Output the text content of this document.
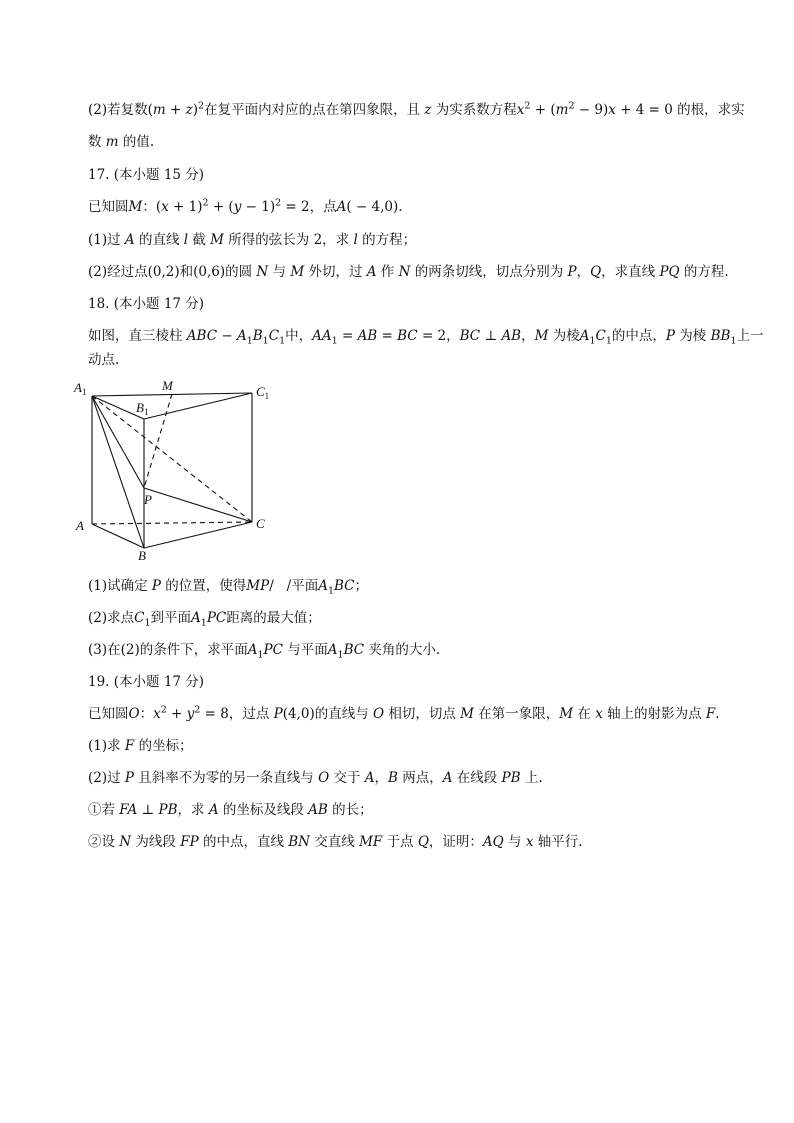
(2)若复数$(m + z)^2$在复平面内对应的点在第四象限，且 z 为实系数方程$x^2 + (m^2 - 9)x + 4 = 0$ 的根，求实
数 m 的值.
17. (本小题 15 分)
已知圆M：$(x + 1)^2 + (y - 1)^2 = 2$，点A( − 4,0).
(1)过 A 的直线 l 截 M 所得的弦长为 2，求 l 的方程；
(2)经过点(0,2)和(0,6)的圆 N 与 M 外切，过 A 作 N 的两条切线，切点分别为 P，Q，求直线 PQ 的方程.
18. (本小题 17 分)
如图，直三棱柱 ABC − $A_1B_1C_1$中，$AA_1$ = AB = BC = 2，BC ⊥ AB，M 为棱$A_1C_1$的中点，P 为棱 $BB_1$上一
动点.
$A_1$	M	$C_1$
$B_1$
P
A	C
B
(1)试确定 P 的位置，使得MP/   /平面$A_1BC$；
(2)求点$C_1$到平面$A_1PC$距离的最大值；
(3)在(2)的条件下，求平面$A_1PC$ 与平面$A_1BC$ 夹角的大小.
19. (本小题 17 分)
已知圆O：$x^2 + y^2 = 8$，过点 P(4,0)的直线与 O 相切，切点 M 在第一象限，M 在 x 轴上的射影为点 F.
(1)求 F 的坐标；
(2)过 P 且斜率不为零的另一条直线与 O 交于 A，B 两点，A 在线段 PB 上.
①若 FA ⊥ PB，求 A 的坐标及线段 AB 的长；
②设 N 为线段 FP 的中点，直线 BN 交直线 MF 于点 Q，证明：AQ 与 x 轴平行.
